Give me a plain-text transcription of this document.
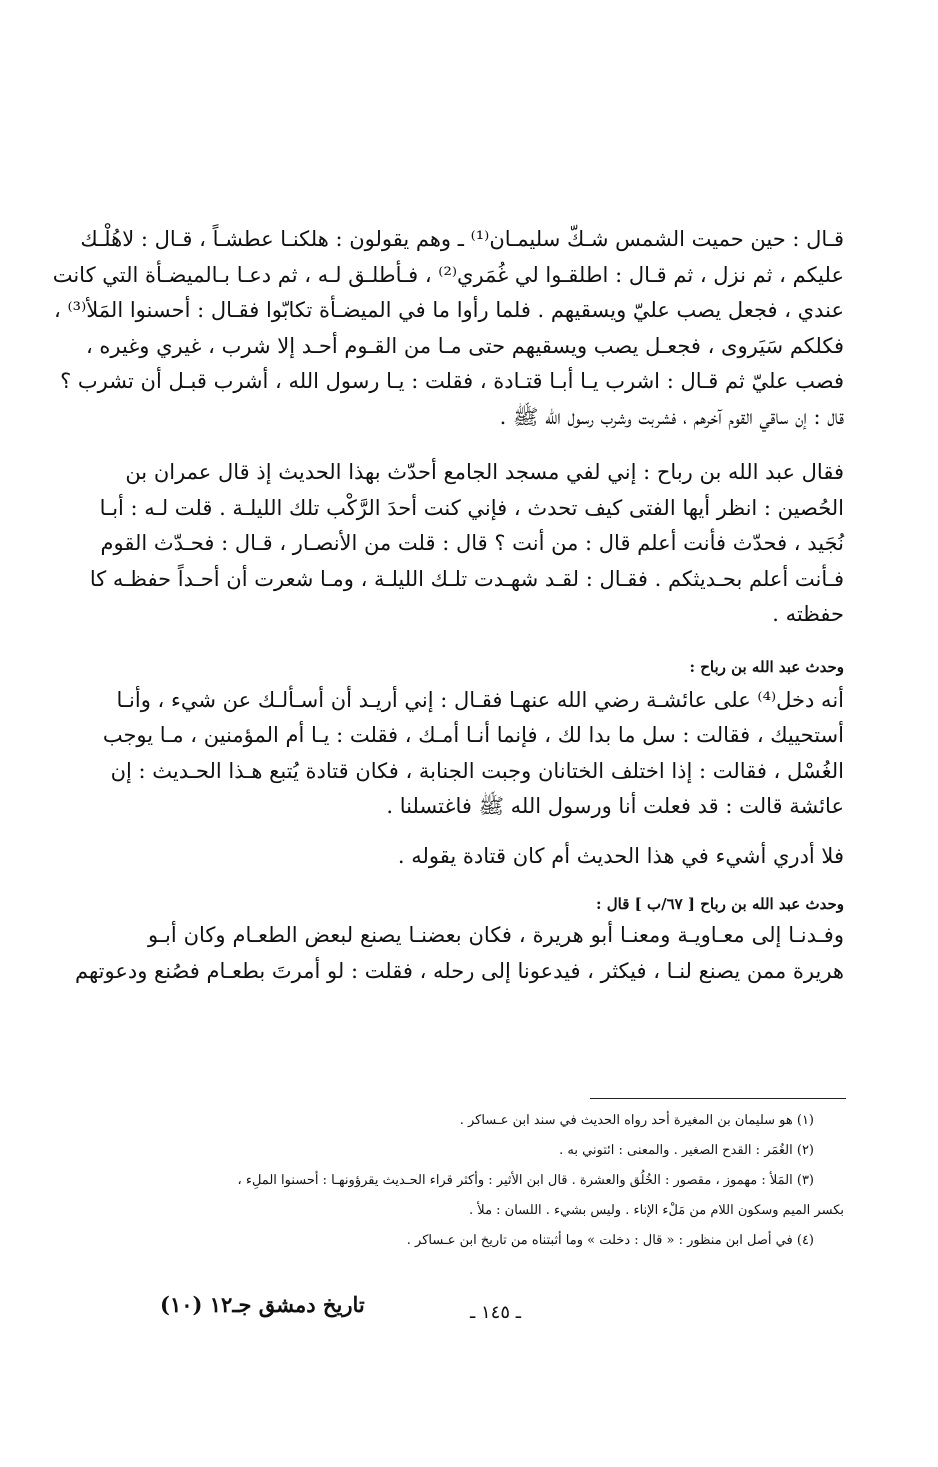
قـال : حين حميت الشمس شـكّ سليمـان⁽¹⁾ ـ وهم يقولون : هلكنـا عطشـاً ، قـال : لاهُلْـك
عليكم ، ثم نزل ، ثم قـال : اطلقـوا لي غُمَري⁽²⁾ ، فـأطلـق لـه ، ثم دعـا بـالميضـأة التي كانت
عندي ، فجعل يصب عليّ ويسقيهم . فلما رأوا ما في الميضـأة تكابّوا فقـال : أحسنوا المَلأ⁽³⁾ ،
فكلكم سَيَروى ، فجعـل يصب ويسقيهم حتى مـا من القـوم أحـد إلا شرب ، غيري وغيره ،
فصب عليّ ثم قـال : اشرب يـا أبـا قتـادة ، فقلت : يـا رسول الله ، أشرب قبـل أن تشرب ؟
قال : إن ساقي القوم آخرهم ، فشربت وشرب رسول الله ﷺ .
فقال عبد الله بن رباح : إني لفي مسجد الجامع أحدّث بهذا الحديث إذ قال عمران بن
الحُصين : انظر أيها الفتى كيف تحدث ، فإني كنت أحدَ الرَّكْب تلك الليلـة . قلت لـه : أبـا
نُجَيد ، فحدّث فأنت أعلم قال : من أنت ؟ قال : قلت من الأنصـار ، قـال : فحـدّث القوم
فـأنت أعلم بحـديثكم . فقـال : لقـد شهـدت تلـك الليلـة ، ومـا شعرت أن أحـداً حفظـه كا
حفظته .
وحدث عبد الله بن رباح :
أنه دخل⁽⁴⁾ على عائشـة رضي الله عنهـا فقـال : إني أريـد أن أسـألـك عن شيء ، وأنـا
أستحييك ، فقالت : سل ما بدا لك ، فإنما أنـا أمـك ، فقلت : يـا أم المؤمنين ، مـا يوجب
الغُسْل ، فقالت : إذا اختلف الختانان وجبت الجنابة ، فكان قتادة يُتبع هـذا الحـديث : إن
عائشة قالت : قد فعلت أنا ورسول الله ﷺ فاغتسلنا .
فلا أدري أشيء في هذا الحديث أم كان قتادة يقوله .
وحدث عبد الله بن رباح [ ٦٧/ب ] قال :
وفـدنـا إلى معـاويـة ومعنـا أبو هريرة ، فكان بعضنـا يصنع لبعض الطعـام وكان أبـو
هريرة ممن يصنع لنـا ، فيكثر ، فيدعونا إلى رحله ، فقلت : لو أمرتَ بطعـام فصُنع ودعوتهم
(١) هو سليمان بن المغيرة أحد رواه الحديث في سند ابن عـساكر .
(٢) الغُمَر : القدح الصغير . والمعنى : ائتوني به .
(٣) المَلأ : مهموز ، مقصور : الخُلُق والعشرة . قال ابن الأثير : وأكثر قراء الحـديث يقرؤونهـا : أحسنوا الملِء ،
بكسر الميم وسكون اللام من مَلْء الإناء . وليس بشيء . اللسان : ملأ .
(٤) في أصل ابن منظور : « قال : دخلت » وما أثبتناه من تاريخ ابن عـساكر .
ـ ١٤٥ ـ
تاريخ دمشق جـ١٢ (١٠)
